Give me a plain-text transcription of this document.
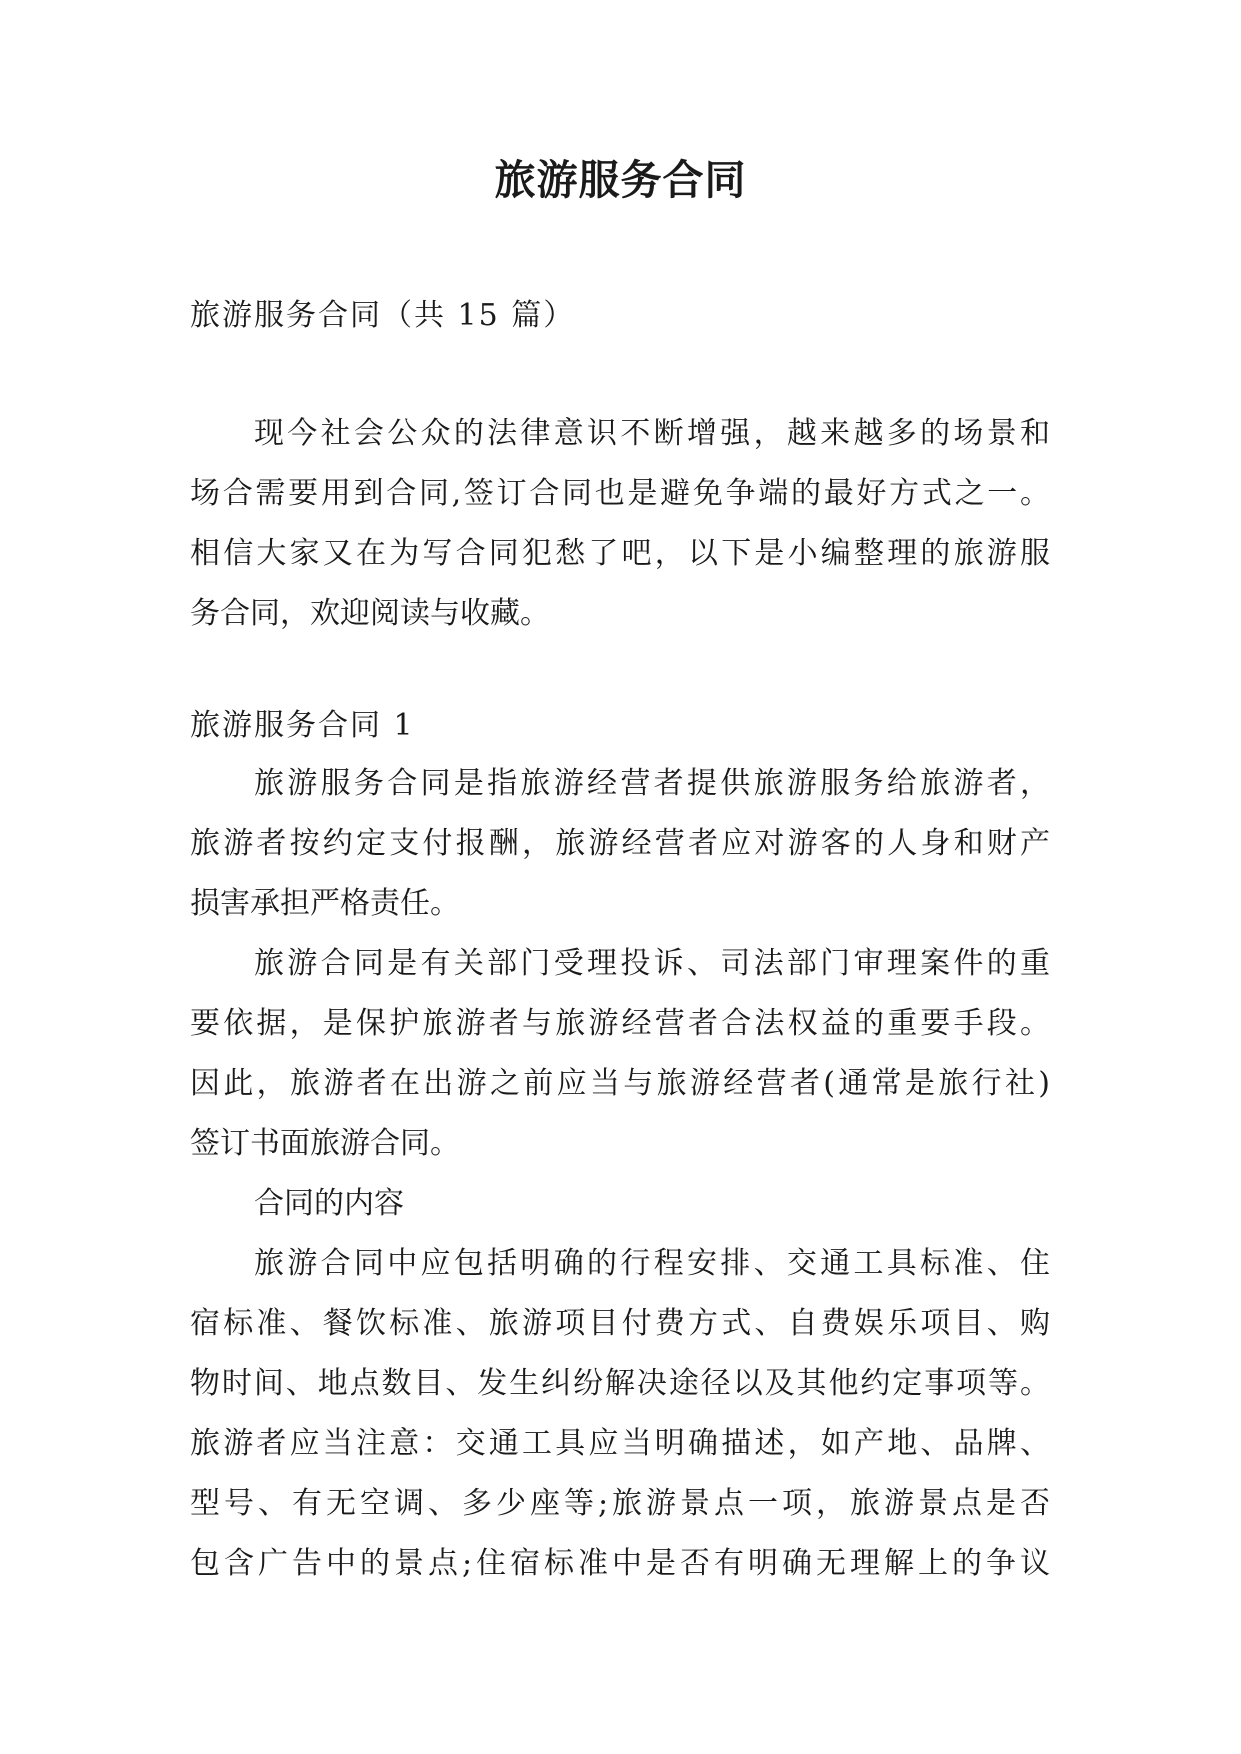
旅游服务合同
旅游服务合同（共 15 篇）
现今社会公众的法律意识不断增强，越来越多的场景和
场合需要用到合同,签订合同也是避免争端的最好方式之一。
相信大家又在为写合同犯愁了吧，以下是小编整理的旅游服
务合同，欢迎阅读与收藏。
旅游服务合同 1
旅游服务合同是指旅游经营者提供旅游服务给旅游者，
旅游者按约定支付报酬，旅游经营者应对游客的人身和财产
损害承担严格责任。
旅游合同是有关部门受理投诉、司法部门审理案件的重
要依据，是保护旅游者与旅游经营者合法权益的重要手段。
因此，旅游者在出游之前应当与旅游经营者(通常是旅行社)
签订书面旅游合同。
合同的内容
旅游合同中应包括明确的行程安排、交通工具标准、住
宿标准、餐饮标准、旅游项目付费方式、自费娱乐项目、购
物时间、地点数目、发生纠纷解决途径以及其他约定事项等。
旅游者应当注意：交通工具应当明确描述，如产地、品牌、
型号、有无空调、多少座等;旅游景点一项，旅游景点是否
包含广告中的景点;住宿标准中是否有明确无理解上的争议
